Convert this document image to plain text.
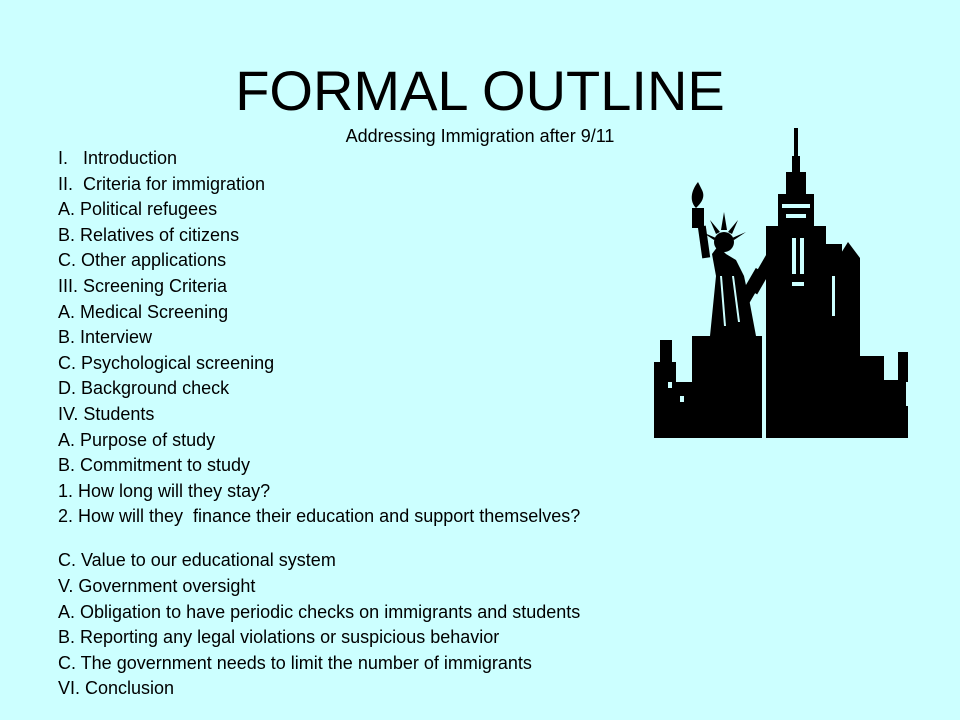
FORMAL OUTLINE
Addressing Immigration after 9/11
I.   Introduction
II.  Criteria for immigration
A. Political refugees
B. Relatives of citizens
C. Other applications
III. Screening Criteria
A. Medical Screening
B. Interview
C. Psychological screening
D. Background check
IV. Students
A. Purpose of study
B. Commitment to study
1. How long will they stay?
2. How will they  finance their education and support themselves?
C. Value to our educational system
V. Government oversight
A. Obligation to have periodic checks on immigrants and students
B. Reporting any legal violations or suspicious behavior
C. The government needs to limit the number of immigrants
VI. Conclusion
